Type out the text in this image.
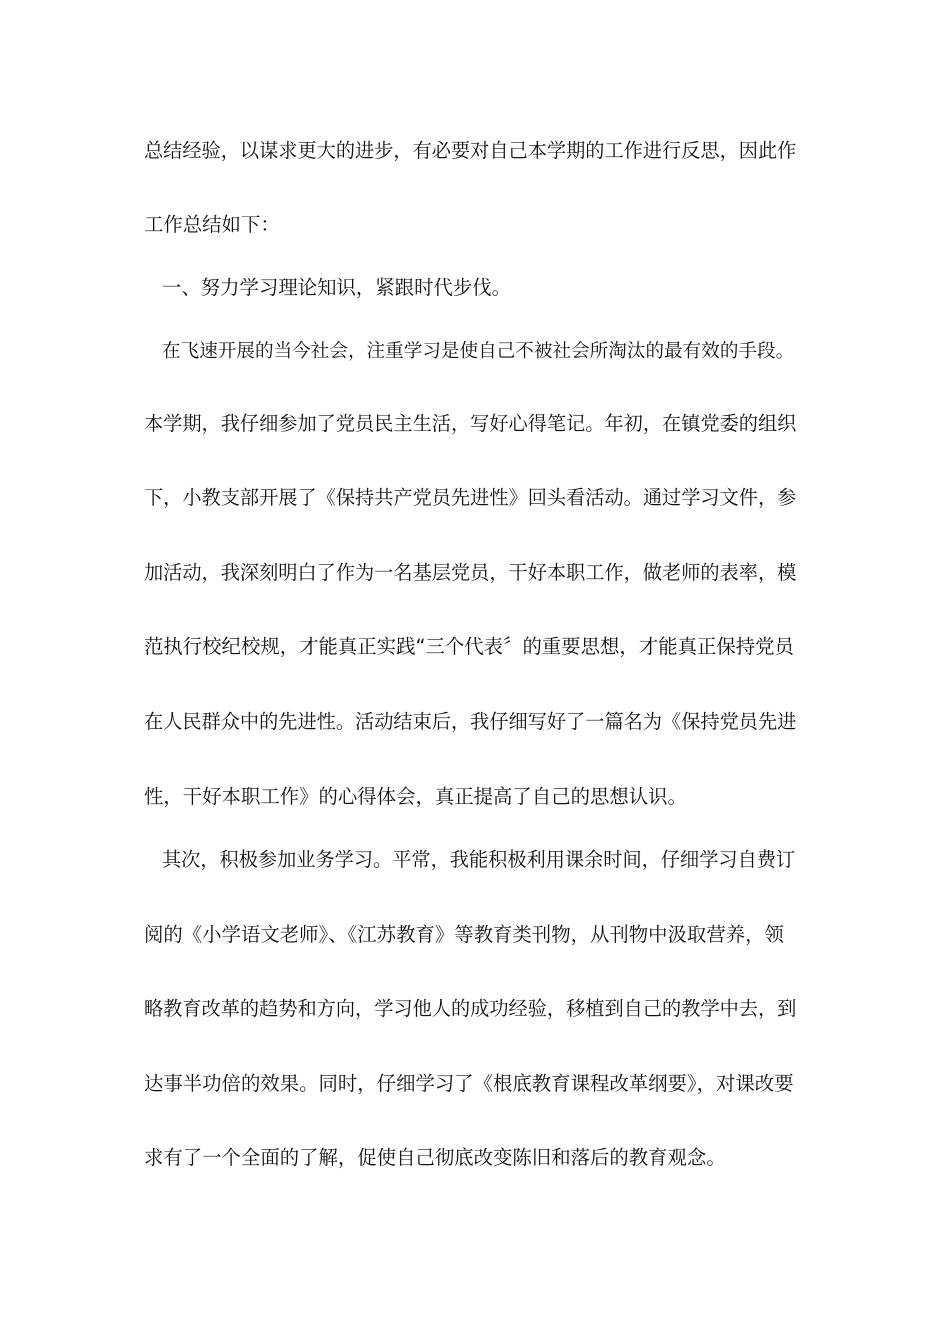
总结经验，以谋求更大的进步，有必要对自己本学期的工作进行反思，因此作
工作总结如下：
一、努力学习理论知识，紧跟时代步伐。
在飞速开展的当今社会，注重学习是使自己不被社会所淘汰的最有效的手段。
本学期，我仔细参加了党员民主生活，写好心得笔记。年初，在镇党委的组织
下，小教支部开展了《保持共产党员先进性》回头看活动。通过学习文件，参
加活动，我深刻明白了作为一名基层党员，干好本职工作，做老师的表率，模
范执行校纪校规，才能真正实践“三个代表〞的重要思想，才能真正保持党员
在人民群众中的先进性。活动结束后，我仔细写好了一篇名为《保持党员先进
性，干好本职工作》的心得体会，真正提高了自己的思想认识。
其次，积极参加业务学习。平常，我能积极利用课余时间，仔细学习自费订
阅的《小学语文老师》、《江苏教育》等教育类刊物，从刊物中汲取营养，领
略教育改革的趋势和方向，学习他人的成功经验，移植到自己的教学中去，到
达事半功倍的效果。同时，仔细学习了《根底教育课程改革纲要》，对课改要
求有了一个全面的了解，促使自己彻底改变陈旧和落后的教育观念。
